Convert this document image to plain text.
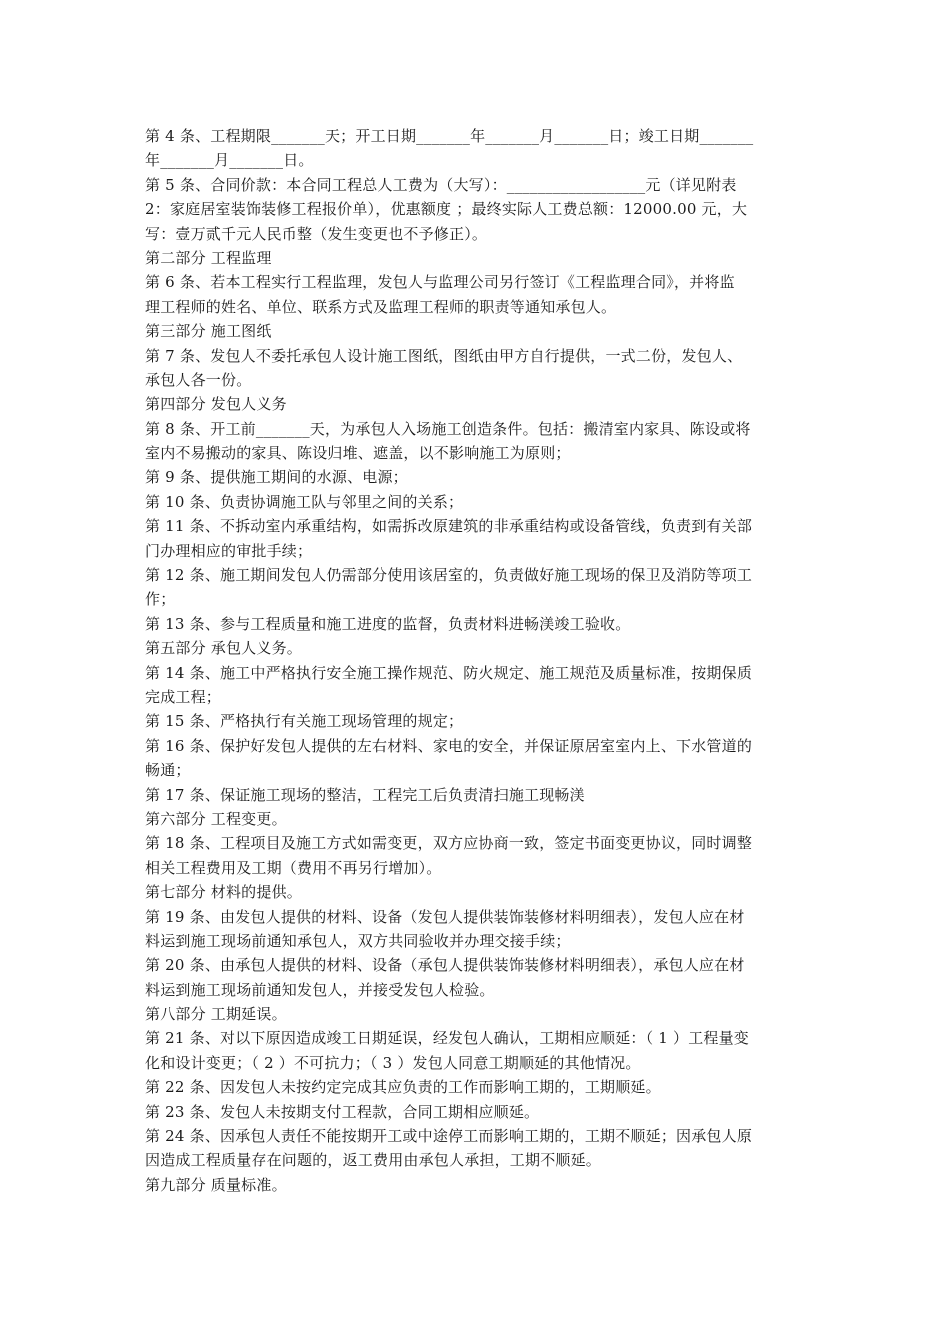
第 4 条、工程期限_______天；开工日期_______年_______月_______日；竣工日期_______
年_______月_______日。
第 5 条、合同价款：本合同工程总人工费为（大写）：__________________元（详见附表
2：家庭居室装饰装修工程报价单），优惠额度 ；最终实际人工费总额：12000.00 元，大
写：壹万贰千元人民币整（发生变更也不予修正）。
第二部分 工程监理
第 6 条、若本工程实行工程监理，发包人与监理公司另行签订《工程监理合同》，并将监
理工程师的姓名、单位、联系方式及监理工程师的职责等通知承包人。
第三部分 施工图纸
第 7 条、发包人不委托承包人设计施工图纸，图纸由甲方自行提供，一式二份，发包人、
承包人各一份。
第四部分 发包人义务
第 8 条、开工前_______天，为承包人入场施工创造条件。包括：搬清室内家具、陈设或将
室内不易搬动的家具、陈设归堆、遮盖，以不影响施工为原则；
第 9 条、提供施工期间的水源、电源；
第 10 条、负责协调施工队与邻里之间的关系；
第 11 条、不拆动室内承重结构，如需拆改原建筑的非承重结构或设备管线，负责到有关部
门办理相应的审批手续；
第 12 条、施工期间发包人仍需部分使用该居室的，负责做好施工现场的保卫及消防等项工
作；
第 13 条、参与工程质量和施工进度的监督，负责材料进畅渼竣工验收。
第五部分 承包人义务。
第 14 条、施工中严格执行安全施工操作规范、防火规定、施工规范及质量标准，按期保质
完成工程；
第 15 条、严格执行有关施工现场管理的规定；
第 16 条、保护好发包人提供的左右材料、家电的安全，并保证原居室室内上、下水管道的
畅通；
第 17 条、保证施工现场的整洁，工程完工后负责清扫施工现畅渼
第六部分 工程变更。
第 18 条、工程项目及施工方式如需变更，双方应协商一致，签定书面变更协议，同时调整
相关工程费用及工期（费用不再另行增加）。
第七部分 材料的提供。
第 19 条、由发包人提供的材料、设备（发包人提供装饰装修材料明细表），发包人应在材
料运到施工现场前通知承包人，双方共同验收并办理交接手续；
第 20 条、由承包人提供的材料、设备（承包人提供装饰装修材料明细表），承包人应在材
料运到施工现场前通知发包人，并接受发包人检验。
第八部分 工期延误。
第 21 条、对以下原因造成竣工日期延误，经发包人确认，工期相应顺延：（ 1 ）工程量变
化和设计变更；（ 2 ）不可抗力；（ 3 ）发包人同意工期顺延的其他情况。
第 22 条、因发包人未按约定完成其应负责的工作而影响工期的，工期顺延。
第 23 条、发包人未按期支付工程款，合同工期相应顺延。
第 24 条、因承包人责任不能按期开工或中途停工而影响工期的，工期不顺延；因承包人原
因造成工程质量存在问题的，返工费用由承包人承担，工期不顺延。
第九部分 质量标准。
